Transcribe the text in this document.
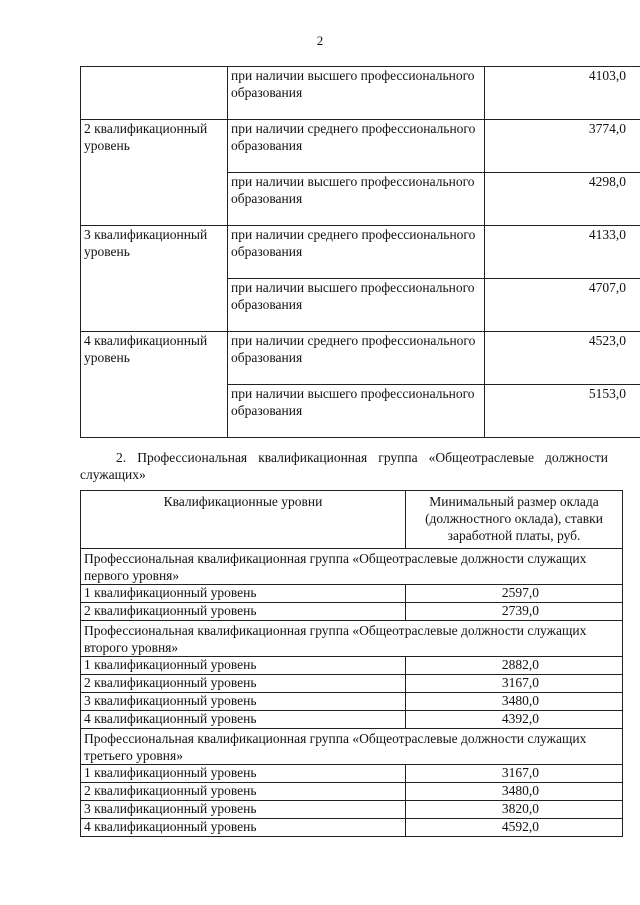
2
	при наличии высшего профессионального образования	4103,0
2 квалификационный уровень	при наличии среднего профессионального образования	3774,0
	при наличии высшего профессионального образования	4298,0
3 квалификационный уровень	при наличии среднего профессионального образования	4133,0
	при наличии высшего профессионального образования	4707,0
4 квалификационный уровень	при наличии среднего профессионального образования	4523,0
	при наличии высшего профессионального образования	5153,0
2. Профессиональная квалификационная группа «Общеотраслевые должности служащих»
Квалификационные уровни	Минимальный размер оклада (должностного оклада), ставки заработной платы, руб.
Профессиональная квалификационная группа «Общеотраслевые должности служащих первого уровня»	
1 квалификационный уровень	2597,0
2 квалификационный уровень	2739,0
Профессиональная квалификационная группа «Общеотраслевые должности служащих второго уровня»	
1 квалификационный уровень	2882,0
2 квалификационный уровень	3167,0
3 квалификационный уровень	3480,0
4 квалификационный уровень	4392,0
Профессиональная квалификационная группа «Общеотраслевые должности служащих третьего уровня»	
1 квалификационный уровень	3167,0
2 квалификационный уровень	3480,0
3 квалификационный уровень	3820,0
4 квалификационный уровень	4592,0
